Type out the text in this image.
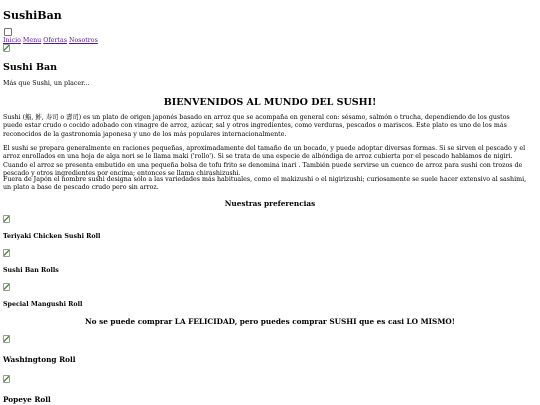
SushiBan
Inicio Menu Ofertas Nosotros
Sushi Ban

Más que Sushi, un placer...

BIENVENIDOS AL MUNDO DEL SUSHI!

Sushi (鮨, 鮓, 寿司 o 壽司) es un plato de origen japonés basado en arroz que se acompaña en general con: sésamo, salmón o trucha, dependiendo de los gustos puede estar crudo o cocido adobado con vinagre de arroz, azúcar, sal y otros ingredientes, como verduras, pescados o mariscos. Este plato es uno de los más reconocidos de la gastronomía japonesa y uno de los más populares internacionalmente.

El sushi se prepara generalmente en raciones pequeñas, aproximadamente del tamaño de un bocado, y puede adoptar diversas formas. Si se sirven el pescado y el arroz enrollados en una hoja de alga nori se le llama maki ('rollo'). Si se trata de una especie de albóndiga de arroz cubierta por el pescado hablamos de nigiri. Cuando el arroz se presenta embutido en una pequeña bolsa de tofu frito se denomina inari . También puede servirse un cuenco de arroz para sushi con trozos de pescado y otros ingredientes por encima; entonces se llama chirashizushi.

Fuera de Japón el nombre sushi designa sólo a las variedades más habituales, como el makizushi o el nigirizushi; curiosamente se suele hacer extensivo al sashimi, un plato a base de pescado crudo pero sin arroz.

Nuestras preferencias
Teriyaki Chicken Sushi Roll
Sushi Ban Rolls
Special Mangushi Roll
No se puede comprar LA FELICIDAD, pero puedes comprar SUSHI que es casi LO MISMO!
Washingtong Roll
Popeye Roll
